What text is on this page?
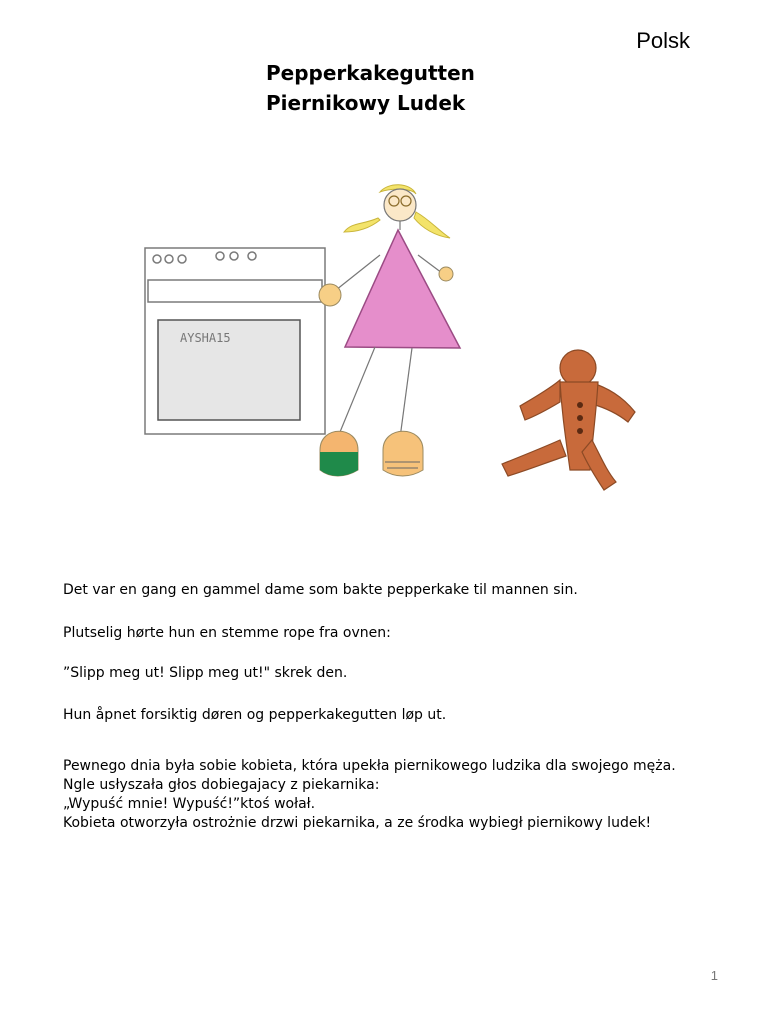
Polsk
Pepperkakegutten
Piernikowy Ludek
AYSHA15
Det var en gang en gammel dame som bakte pepperkake til mannen sin.
Plutselig hørte hun en stemme rope fra ovnen:
”Slipp meg ut! Slipp meg ut!" skrek den.
Hun åpnet forsiktig døren og pepperkakegutten løp ut.
Pewnego dnia była sobie kobieta, która upekła piernikowego ludzika dla swojego męża.
Ngle usłyszała głos dobiegajacy z piekarnika:
„Wypuść mnie! Wypuść!”ktoś wołał.
Kobieta otworzyła ostrożnie drzwi piekarnika, a ze środka wybiegł piernikowy ludek!
1
